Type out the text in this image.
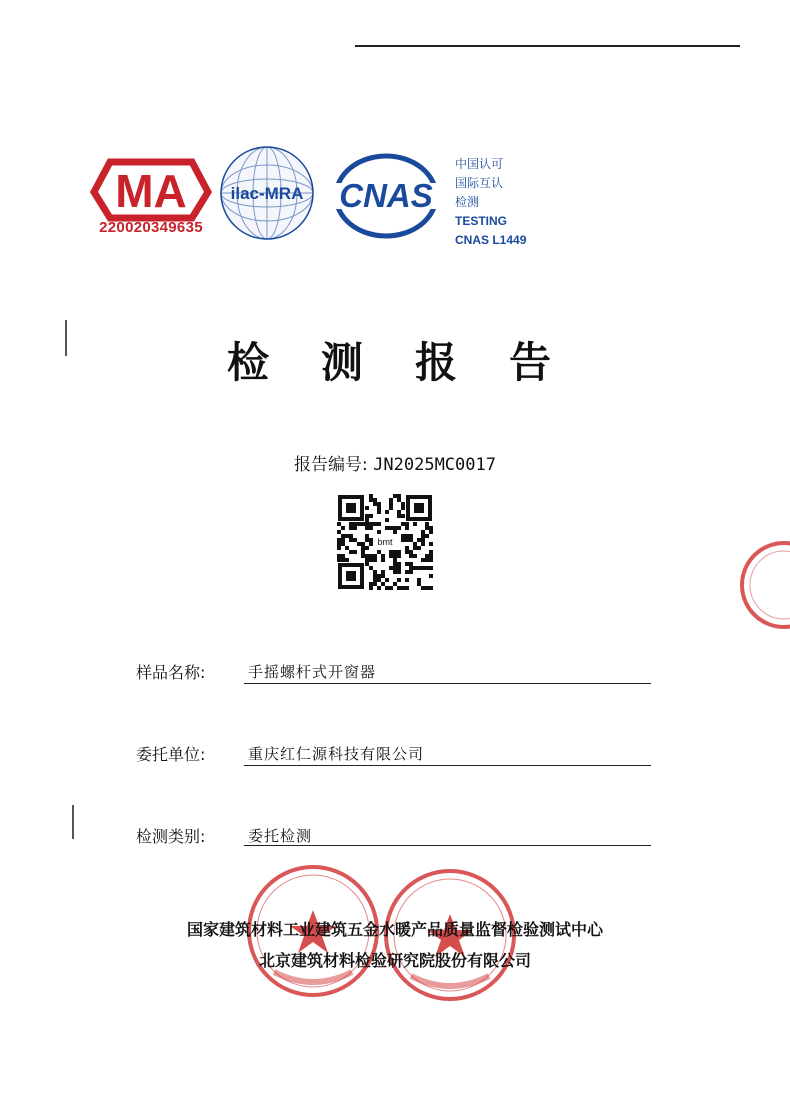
MA
220020349635
ilac-MRA CNAS
中国认可
国际互认
检测
TESTING
CNAS L1449
检测报告
报告编号: JN2025MC0017
bmt
样品名称:	手摇螺杆式开窗器
委托单位:	重庆红仁源科技有限公司
检测类别:	委托检测
国家建筑材料工业建筑五金水暖产品质量监督检验测试中心
北京建筑材料检验研究院股份有限公司
